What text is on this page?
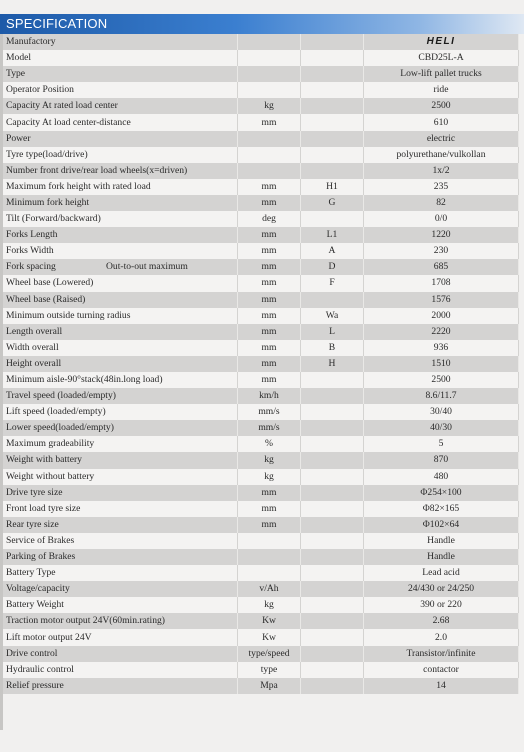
SPECIFICATION
Manufactory			HELI
Model			CBD25L-A
Type			Low-lift pallet trucks
Operator Position			ride
Capacity At rated load center	kg		2500
Capacity At load center-distance	mm		610
Power			electric
Tyre type(load/drive)			polyurethane/vulkollan
Number front drive/rear load wheels(x=driven)			1x/2
Maximum fork height with rated load	mm	H1	235
Minimum fork height	mm	G	82
Tilt (Forward/backward)	deg		0/0
Forks Length	mm	L1	1220
Forks Width	mm	A	230
Fork spacing Out-to-out maximum	mm	D	685
Wheel base (Lowered)	mm	F	1708
Wheel base (Raised)	mm		1576
Minimum outside turning radius	mm	Wa	2000
Length overall	mm	L	2220
Width overall	mm	B	936
Height overall	mm	H	1510
Minimum aisle-90°stack(48in.long load)	mm		2500
Travel speed (loaded/empty)	km/h		8.6/11.7
Lift speed (loaded/empty)	mm/s		30/40
Lower speed(loaded/empty)	mm/s		40/30
Maximum gradeability	%		5
Weight with battery	kg		870
Weight without battery	kg		480
Drive tyre size	mm		Φ254×100
Front load tyre size	mm		Φ82×165
Rear tyre size	mm		Φ102×64
Service of Brakes			Handle
Parking of Brakes			Handle
Battery Type			Lead acid
Voltage/capacity	v/Ah		24/430 or 24/250
Battery Weight	kg		390 or 220
Traction motor output 24V(60min.rating)	Kw		2.68
Lift motor output 24V	Kw		2.0
Drive control	type/speed		Transistor/infinite
Hydraulic control	type		contactor
Relief pressure	Mpa		14
